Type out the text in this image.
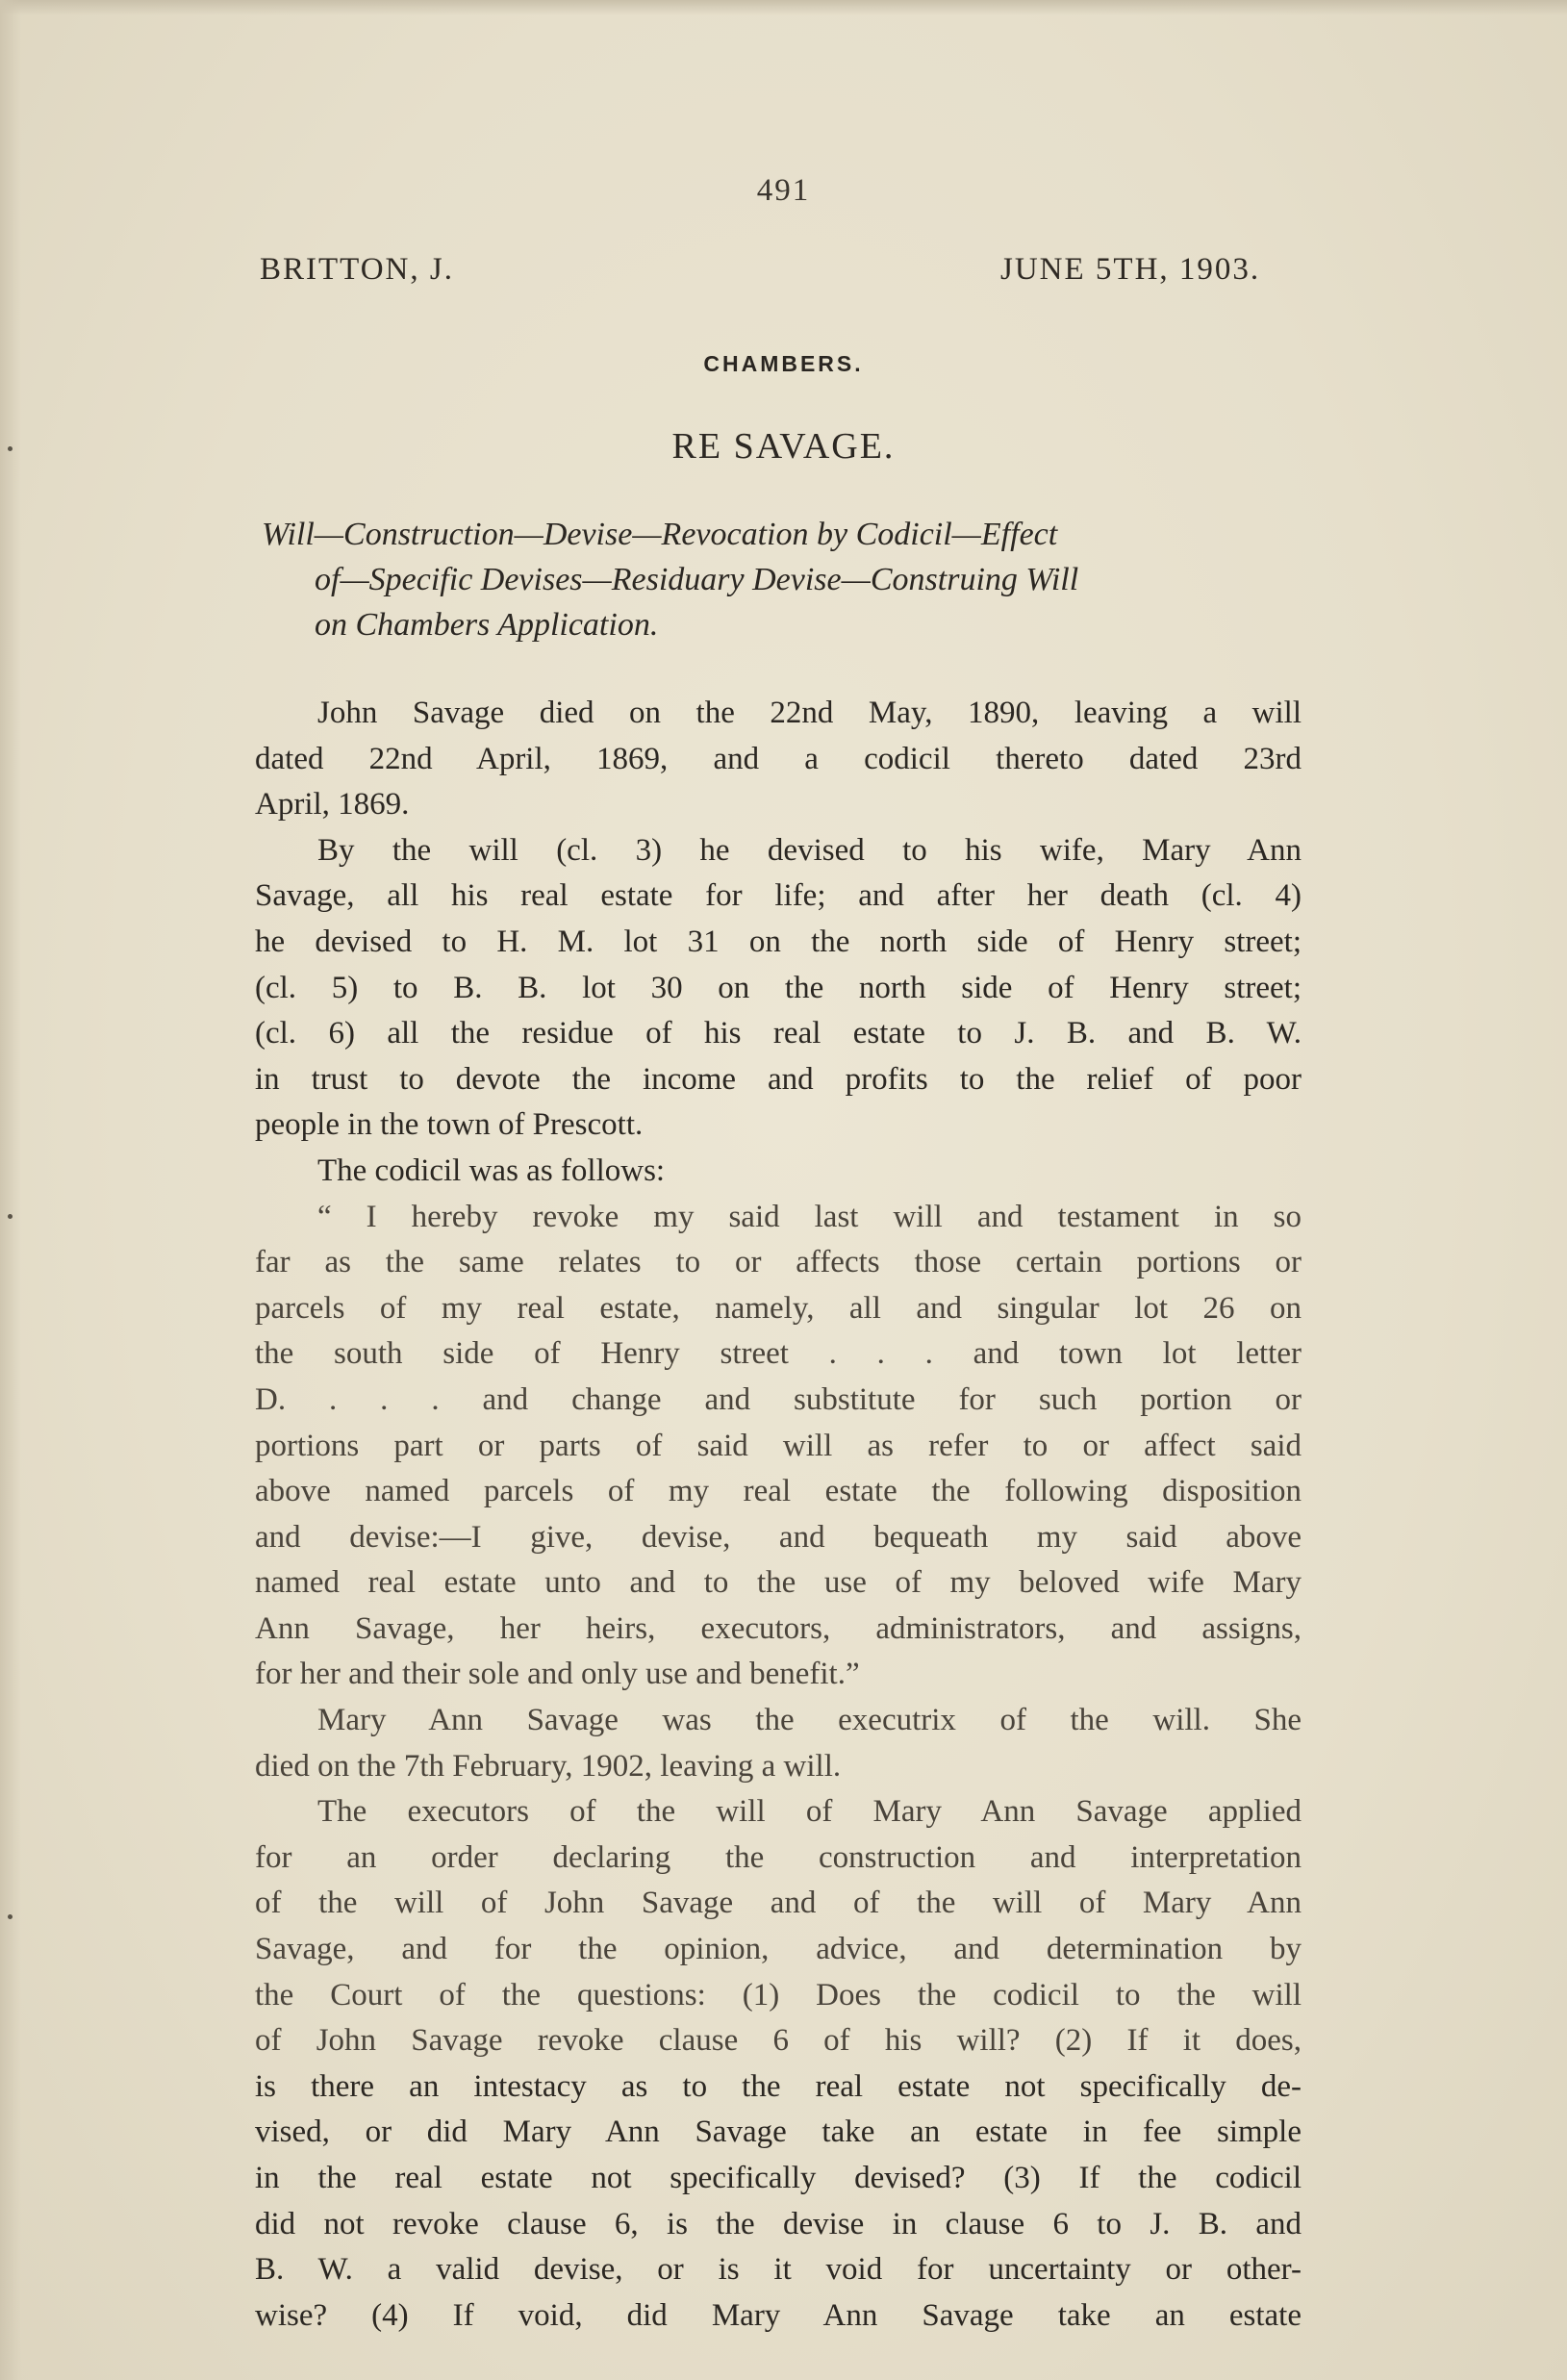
491
BRITTON, J.	JUNE 5TH, 1903.
CHAMBERS.
RE SAVAGE.
Will—Construction—Devise—Revocation by Codicil—Effect
of—Specific Devises—Residuary Devise—Construing Will
on Chambers Application.
John Savage died on the 22nd May, 1890, leaving a will
dated 22nd April, 1869, and a codicil thereto dated 23rd
April, 1869.
By the will (cl. 3) he devised to his wife, Mary Ann
Savage, all his real estate for life; and after her death (cl. 4)
he devised to H. M. lot 31 on the north side of Henry street;
(cl. 5) to B. B. lot 30 on the north side of Henry street;
(cl. 6) all the residue of his real estate to J. B. and B. W.
in trust to devote the income and profits to the relief of poor
people in the town of Prescott.
The codicil was as follows:
“ I hereby revoke my said last will and testament in so
far as the same relates to or affects those certain portions or
parcels of my real estate, namely, all and singular lot 26 on
the south side of Henry street . . . and town lot letter
D. . . . and change and substitute for such portion or
portions part or parts of said will as refer to or affect said
above named parcels of my real estate the following disposition
and devise:—I give, devise, and bequeath my said above
named real estate unto and to the use of my beloved wife Mary
Ann Savage, her heirs, executors, administrators, and assigns,
for her and their sole and only use and benefit.”
Mary Ann Savage was the executrix of the will. She
died on the 7th February, 1902, leaving a will.
The executors of the will of Mary Ann Savage applied
for an order declaring the construction and interpretation
of the will of John Savage and of the will of Mary Ann
Savage, and for the opinion, advice, and determination by
the Court of the questions: (1) Does the codicil to the will
of John Savage revoke clause 6 of his will? (2) If it does,
is there an intestacy as to the real estate not specifically de-
vised, or did Mary Ann Savage take an estate in fee simple
in the real estate not specifically devised? (3) If the codicil
did not revoke clause 6, is the devise in clause 6 to J. B. and
B. W. a valid devise, or is it void for uncertainty or other-
wise? (4) If void, did Mary Ann Savage take an estate
